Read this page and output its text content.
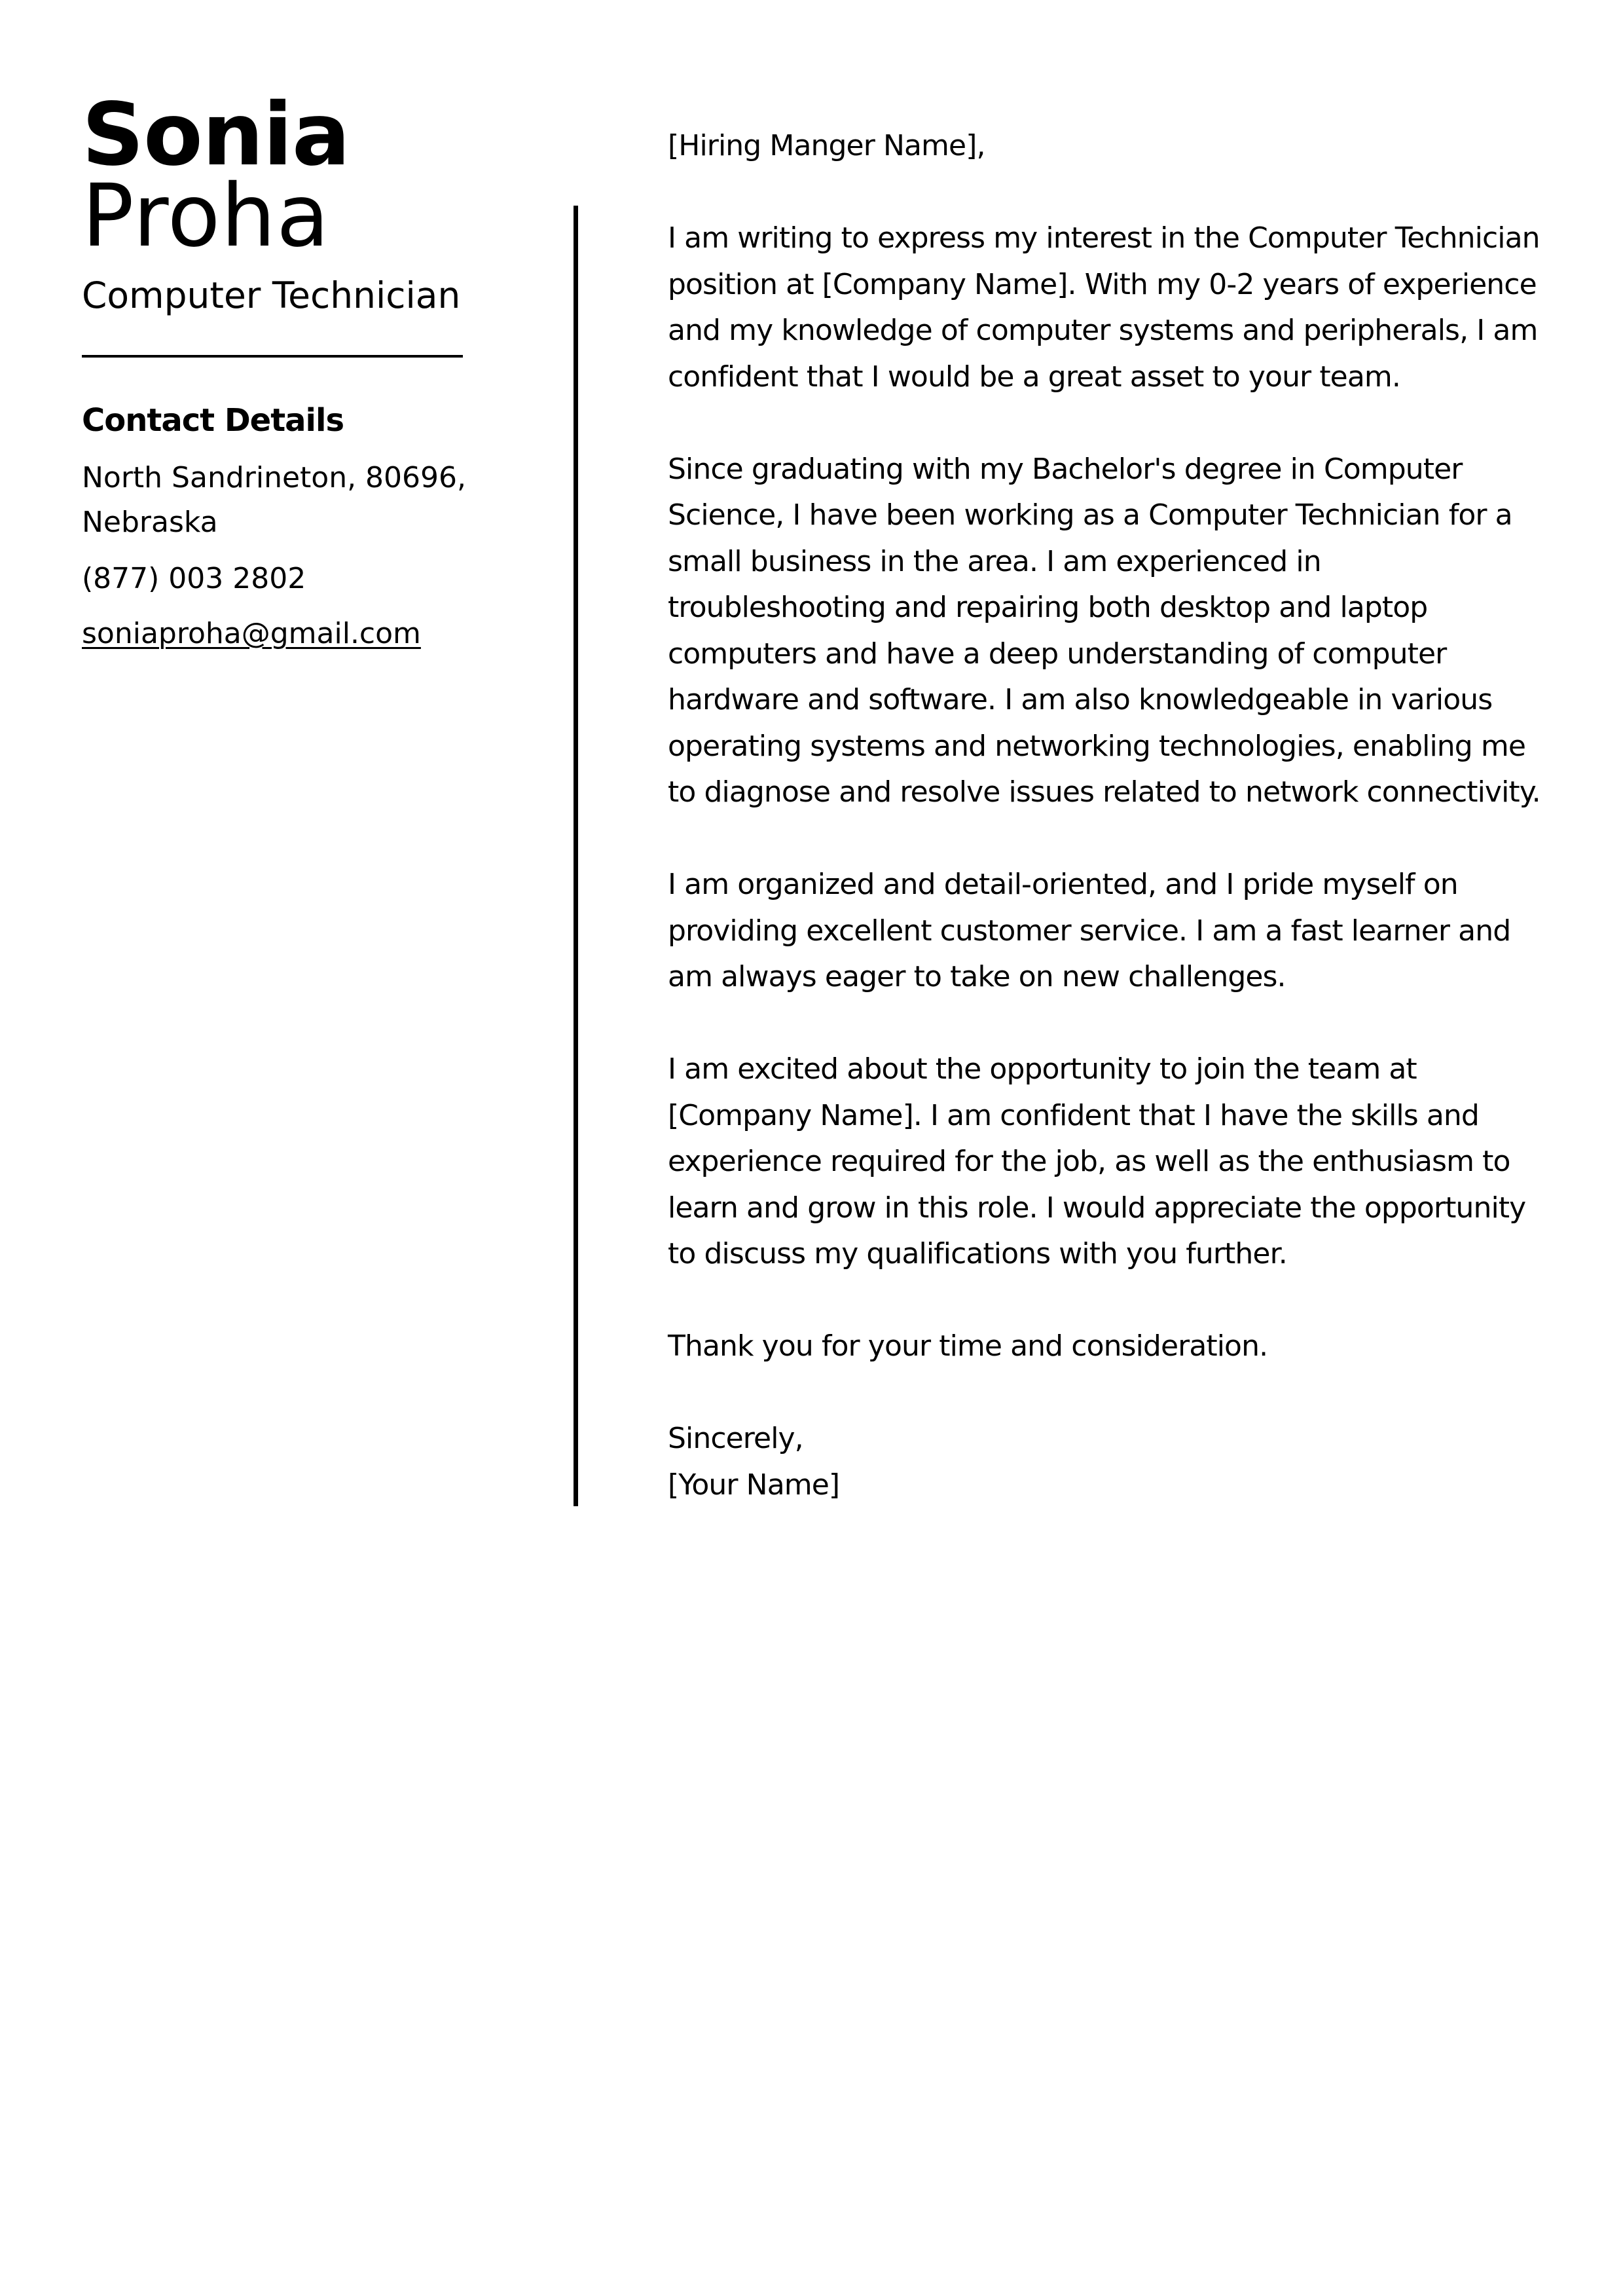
Sonia
Proha
Computer Technician
Contact Details
North Sandrineton, 80696, Nebraska
(877) 003 2802
soniaproha@gmail.com

[Hiring Manger Name],

I am writing to express my interest in the Computer Technician position at [Company Name]. With my 0-2 years of experience and my knowledge of computer systems and peripherals, I am confident that I would be a great asset to your team.

Since graduating with my Bachelor's degree in Computer Science, I have been working as a Computer Technician for a small business in the area. I am experienced in troubleshooting and repairing both desktop and laptop computers and have a deep understanding of computer hardware and software. I am also knowledgeable in various operating systems and networking technologies, enabling me to diagnose and resolve issues related to network connectivity.

I am organized and detail-oriented, and I pride myself on providing excellent customer service. I am a fast learner and am always eager to take on new challenges.

I am excited about the opportunity to join the team at [Company Name]. I am confident that I have the skills and experience required for the job, as well as the enthusiasm to learn and grow in this role. I would appreciate the opportunity to discuss my qualifications with you further.

Thank you for your time and consideration.

Sincerely,

[Your Name]
